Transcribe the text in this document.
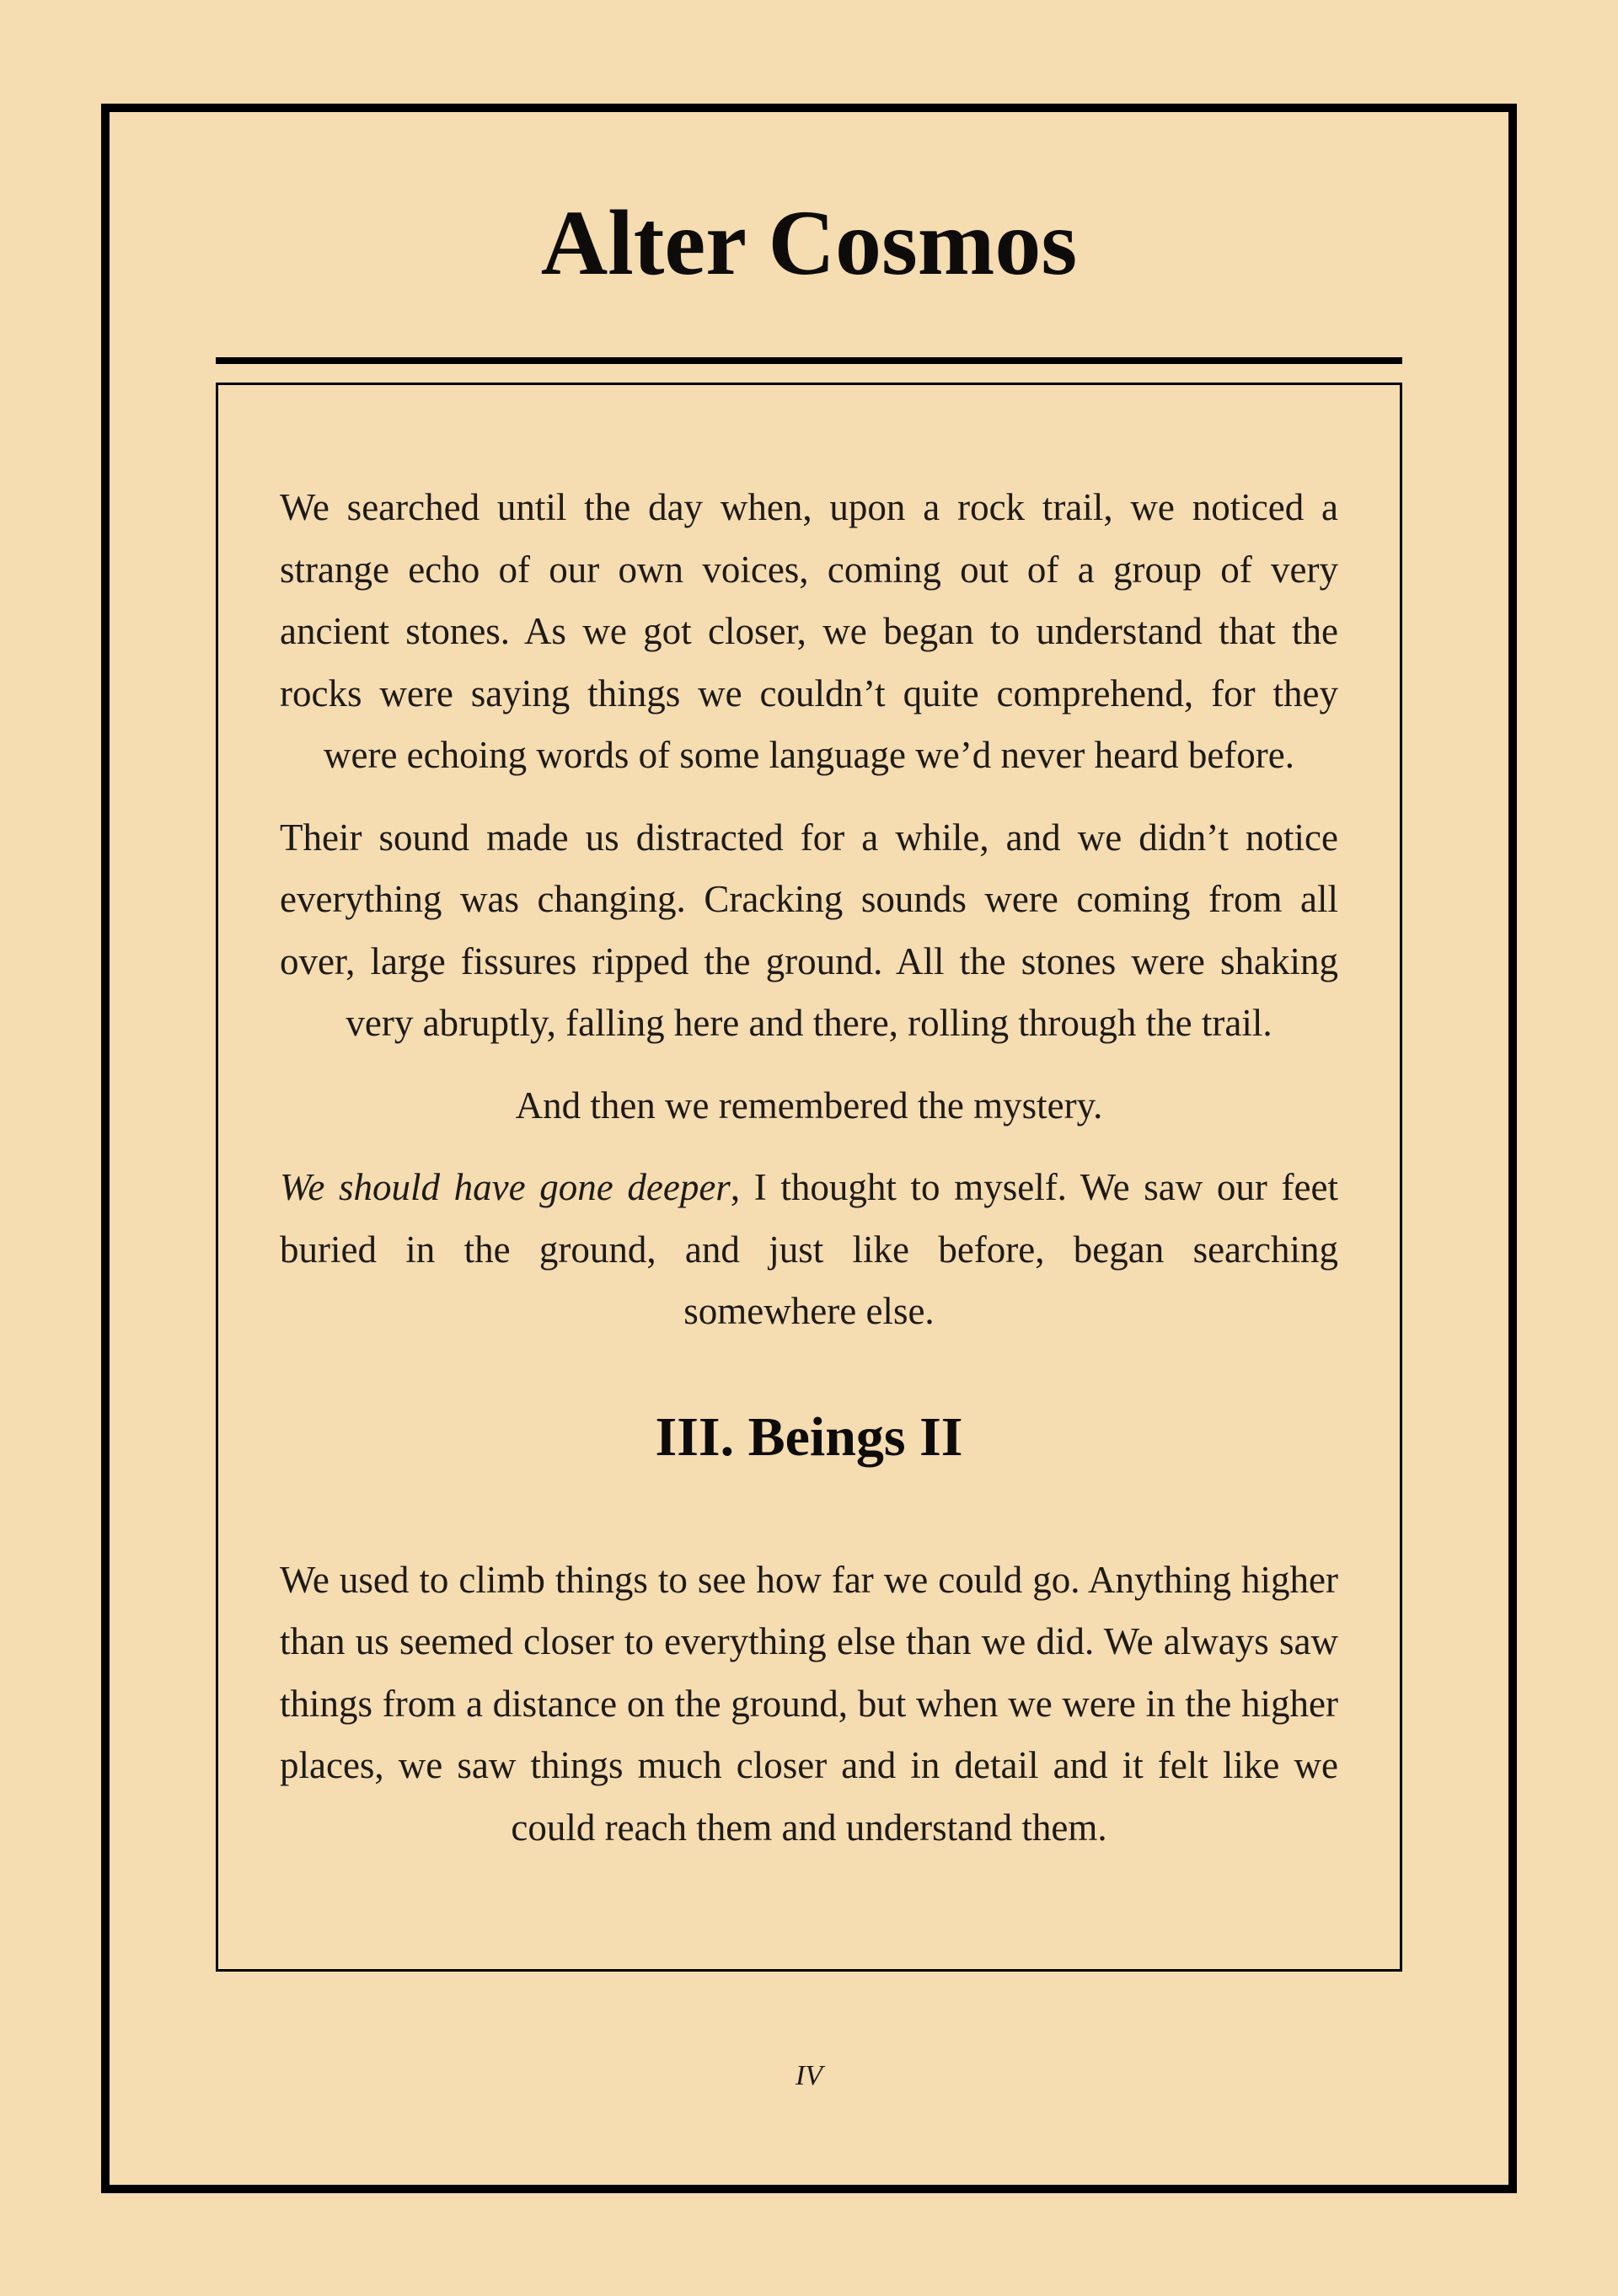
Alter Cosmos

We searched until the day when, upon a rock trail, we noticed a strange echo of our own voices, coming out of a group of very ancient stones. As we got closer, we began to understand that the rocks were saying things we couldn’t quite comprehend, for they were echoing words of some language we’d never heard before.

Their sound made us distracted for a while, and we didn’t notice everything was changing. Cracking sounds were coming from all over, large fissures ripped the ground. All the stones were shaking very abruptly, falling here and there, rolling through the trail.

And then we remembered the mystery.

We should have gone deeper, I thought to myself. We saw our feet buried in the ground, and just like before, began searching somewhere else.

III. Beings II

We used to climb things to see how far we could go. Anything higher than us seemed closer to everything else than we did. We always saw things from a distance on the ground, but when we were in the higher places, we saw things much closer and in detail and it felt like we could reach them and understand them.

IV
